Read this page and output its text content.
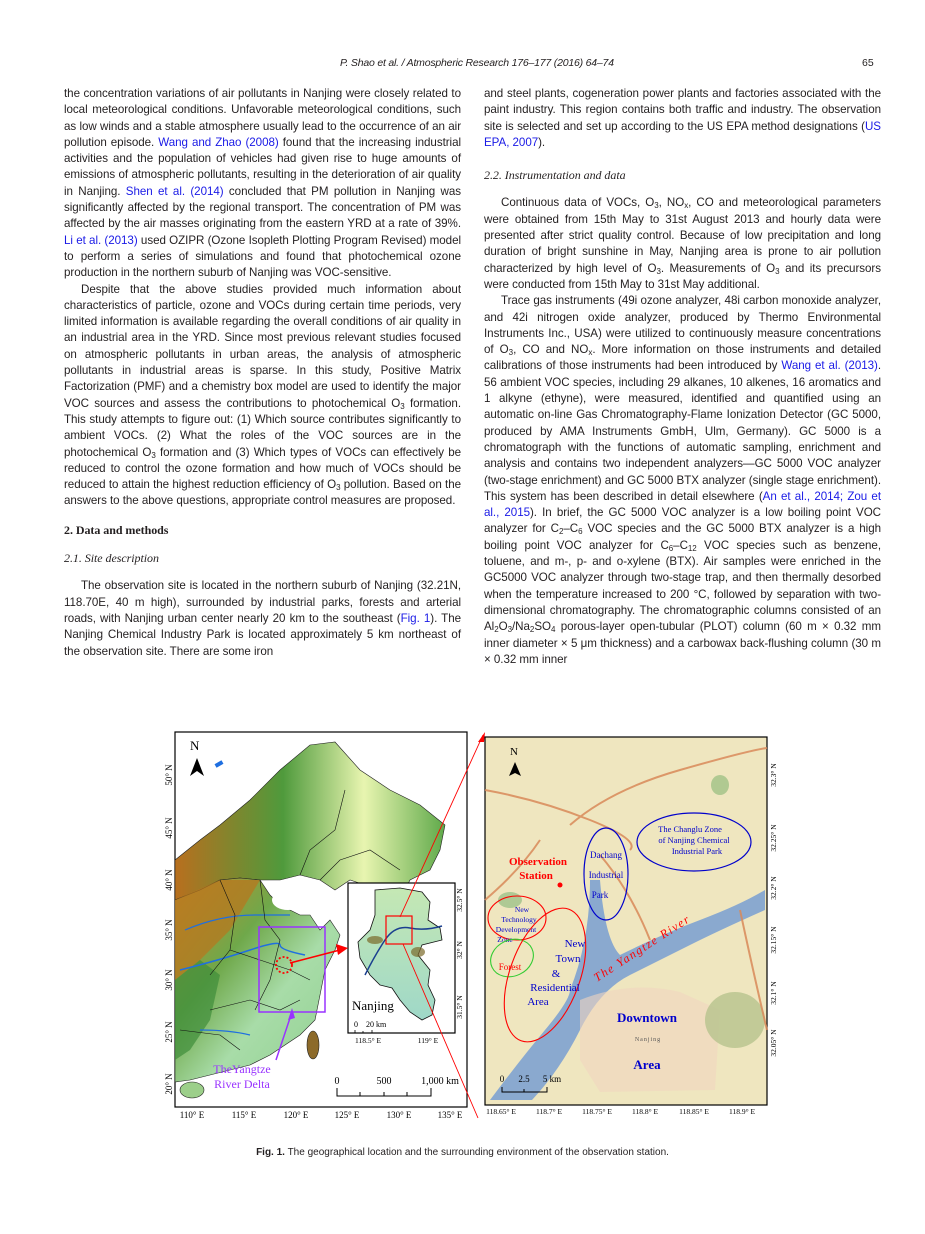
P. Shao et al. / Atmospheric Research 176–177 (2016) 64–74	65

the concentration variations of air pollutants in Nanjing were closely related to local meteorological conditions. Unfavorable meteorological conditions, such as low winds and a stable atmosphere usually lead to the occurrence of an air pollution episode. Wang and Zhao (2008) found that the increasing industrial activities and the population of vehicles had given rise to huge amounts of emissions of atmospheric pollutants, resulting in the deterioration of air quality in Nanjing. Shen et al. (2014) concluded that PM pollution in Nanjing was significantly affected by the regional transport. The concentration of PM was affected by the air masses originating from the eastern YRD at a rate of 39%. Li et al. (2013) used OZIPR (Ozone Isopleth Plotting Program Revised) model to perform a series of simulations and found that photochemical ozone production in the northern suburb of Nanjing was VOC-sensitive.

Despite that the above studies provided much information about characteristics of particle, ozone and VOCs during certain time periods, very limited information is available regarding the overall conditions of air quality in an industrial area in the YRD. Since most previous relevant studies focused on atmospheric pollutants in urban areas, the analysis of atmospheric pollutants in industrial areas is sparse. In this study, Positive Matrix Factorization (PMF) and a chemistry box model are used to identify the major VOC sources and assess the contributions to photochemical $O_3$ formation. This study attempts to figure out: (1) Which source contributes significantly to ambient VOCs. (2) What the roles of the VOC sources are in the photochemical $O_3$ formation and (3) Which types of VOCs can effectively be reduced to control the ozone formation and how much of VOCs should be reduced to attain the highest reduction efficiency of $O_3$ pollution. Based on the answers to the above questions, appropriate control measures are proposed.

2. Data and methods

2.1. Site description

The observation site is located in the northern suburb of Nanjing (32.21N, 118.70E, 40 m high), surrounded by industrial parks, forests and arterial roads, with Nanjing urban center nearly 20 km to the southeast (Fig. 1). The Nanjing Chemical Industry Park is located approximately 5 km northeast of the observation site. There are some iron

and steel plants, cogeneration power plants and factories associated with the paint industry. This region contains both traffic and industry. The observation site is selected and set up according to the US EPA method designations (US EPA, 2007).

2.2. Instrumentation and data

Continuous data of VOCs, $O_3$, $NO_x$, CO and meteorological parameters were obtained from 15th May to 31st August 2013 and hourly data were presented after strict quality control. Because of low precipitation and long duration of bright sunshine in May, Nanjing area is prone to air pollution characterized by high level of $O_3$. Measurements of $O_3$ and its precursors were conducted from 15th May to 31st May additional.

Trace gas instruments (49i ozone analyzer, 48i carbon monoxide analyzer, and 42i nitrogen oxide analyzer, produced by Thermo Environmental Instruments Inc., USA) were utilized to continuously measure concentrations of $O_3$, CO and $NO_x$. More information on those instruments and detailed calibrations of those instruments had been introduced by Wang et al. (2013). 56 ambient VOC species, including 29 alkanes, 10 alkenes, 16 aromatics and 1 alkyne (ethyne), were measured, identified and quantified using an automatic on-line Gas Chromatography-Flame Ionization Detector (GC 5000, produced by AMA Instruments GmbH, Ulm, Germany). GC 5000 is a chromatograph with the functions of automatic sampling, enrichment and analysis and contains two independent analyzers—GC 5000 VOC analyzer (two-stage enrichment) and GC 5000 BTX analyzer (single stage enrichment). This system has been described in detail elsewhere (An et al., 2014; Zou et al., 2015). In brief, the GC 5000 VOC analyzer is a low boiling point VOC analyzer for $C_2-C_6$ VOC species and the GC 5000 BTX analyzer is a high boiling point VOC analyzer for $C_6-C_{12}$ VOC species such as benzene, toluene, and m-, p- and o-xylene (BTX). Air samples were enriched in the GC5000 VOC analyzer through two-stage trap, and then thermally desorbed when the temperature increased to 200 °C, followed by separation with two-dimensional chromatography. The chromatographic columns consisted of an $Al_2O_3/Na_2SO_4$ porous-layer open-tubular (PLOT) column (60 m × 0.32 mm inner diameter × 5 μm thickness) and a carbowax back-flushing column (30 m × 0.32 mm inner

N
TheYangtze
River Delta	0	500	1,000 km
50° N
45° N
40° N
35° N
30° N
25° N
20° N
110° E	115° E	120° E	125° E	130° E	135° E
Nanjing
0 20 km
32.5° N
32° N
31.5° N
118.5° E	119° E
Observation
Station
Dachang
Industrial
Park
The Changlu Zone
of Nanjing Chemical
Industrial Park
New
Technology
Development
Zone
Forest
New
Town
&
Residential
Area
The Yangtze River
Downtown
Nanjing
Area
N
0 2.5 5 km
32.3° N
32.25° N
32.2° N
32.15° N
32.1° N
32.05° N
118.65° E	118.7° E	118.75° E	118.8° E	118.85° E	118.9° E
Fig. 1. The geographical location and the surrounding environment of the observation station.
